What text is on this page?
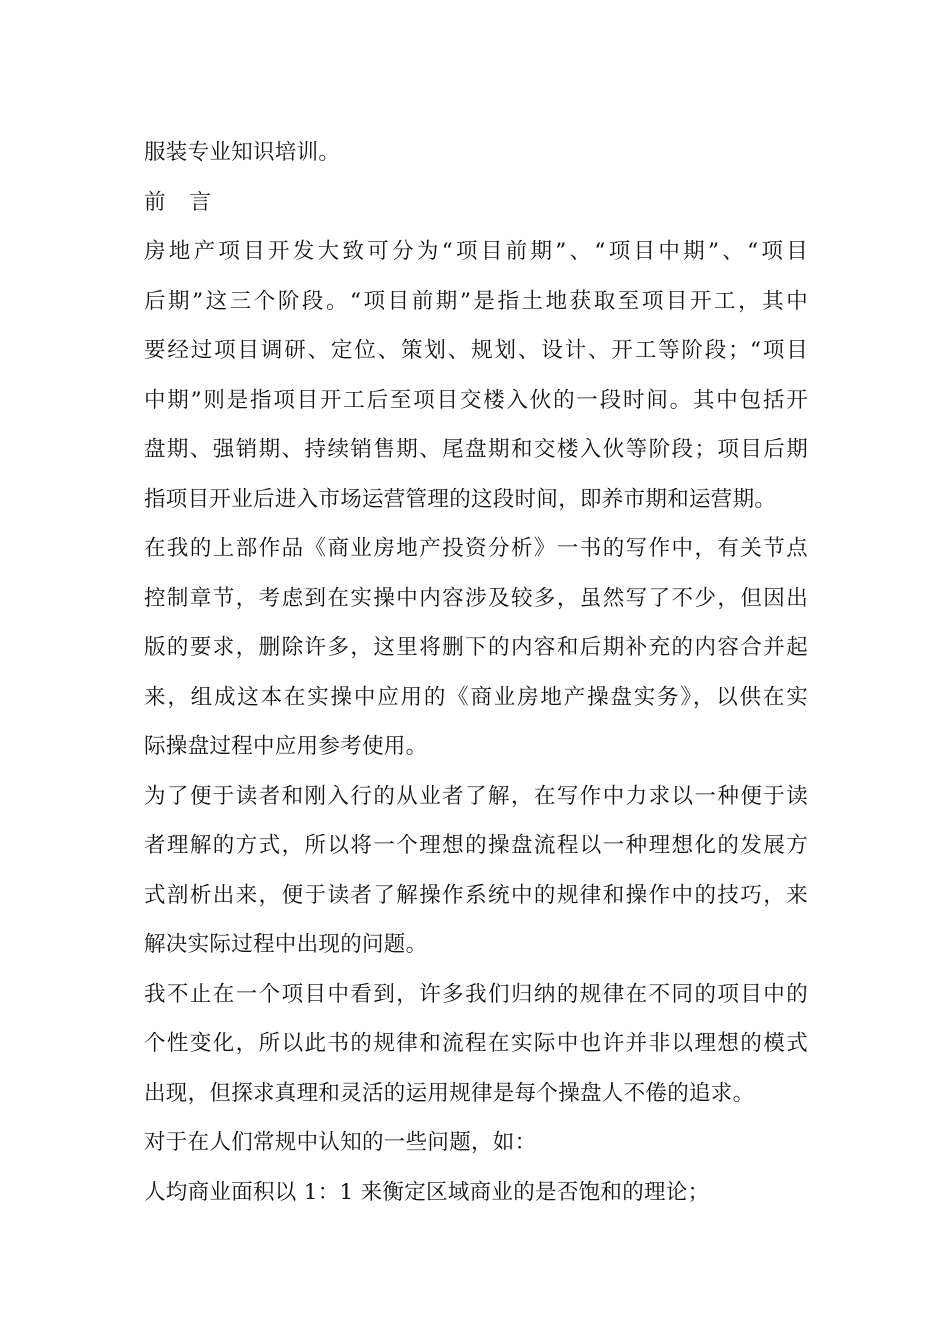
服装专业知识培训。
前 言
房地产项目开发大致可分为“项目前期”、“项目中期”、“项目
后期”这三个阶段。“项目前期”是指土地获取至项目开工，其中
要经过项目调研、定位、策划、规划、设计、开工等阶段；“项目
中期”则是指项目开工后至项目交楼入伙的一段时间。其中包括开
盘期、强销期、持续销售期、尾盘期和交楼入伙等阶段；项目后期
指项目开业后进入市场运营管理的这段时间，即养市期和运营期。
在我的上部作品《商业房地产投资分析》一书的写作中，有关节点
控制章节，考虑到在实操中内容涉及较多，虽然写了不少，但因出
版的要求，删除许多，这里将删下的内容和后期补充的内容合并起
来，组成这本在实操中应用的《商业房地产操盘实务》，以供在实
际操盘过程中应用参考使用。
为了便于读者和刚入行的从业者了解，在写作中力求以一种便于读
者理解的方式，所以将一个理想的操盘流程以一种理想化的发展方
式剖析出来，便于读者了解操作系统中的规律和操作中的技巧，来
解决实际过程中出现的问题。
我不止在一个项目中看到，许多我们归纳的规律在不同的项目中的
个性变化，所以此书的规律和流程在实际中也许并非以理想的模式
出现，但探求真理和灵活的运用规律是每个操盘人不倦的追求。
对于在人们常规中认知的一些问题，如：
人均商业面积以 1：1 来衡定区域商业的是否饱和的理论；
